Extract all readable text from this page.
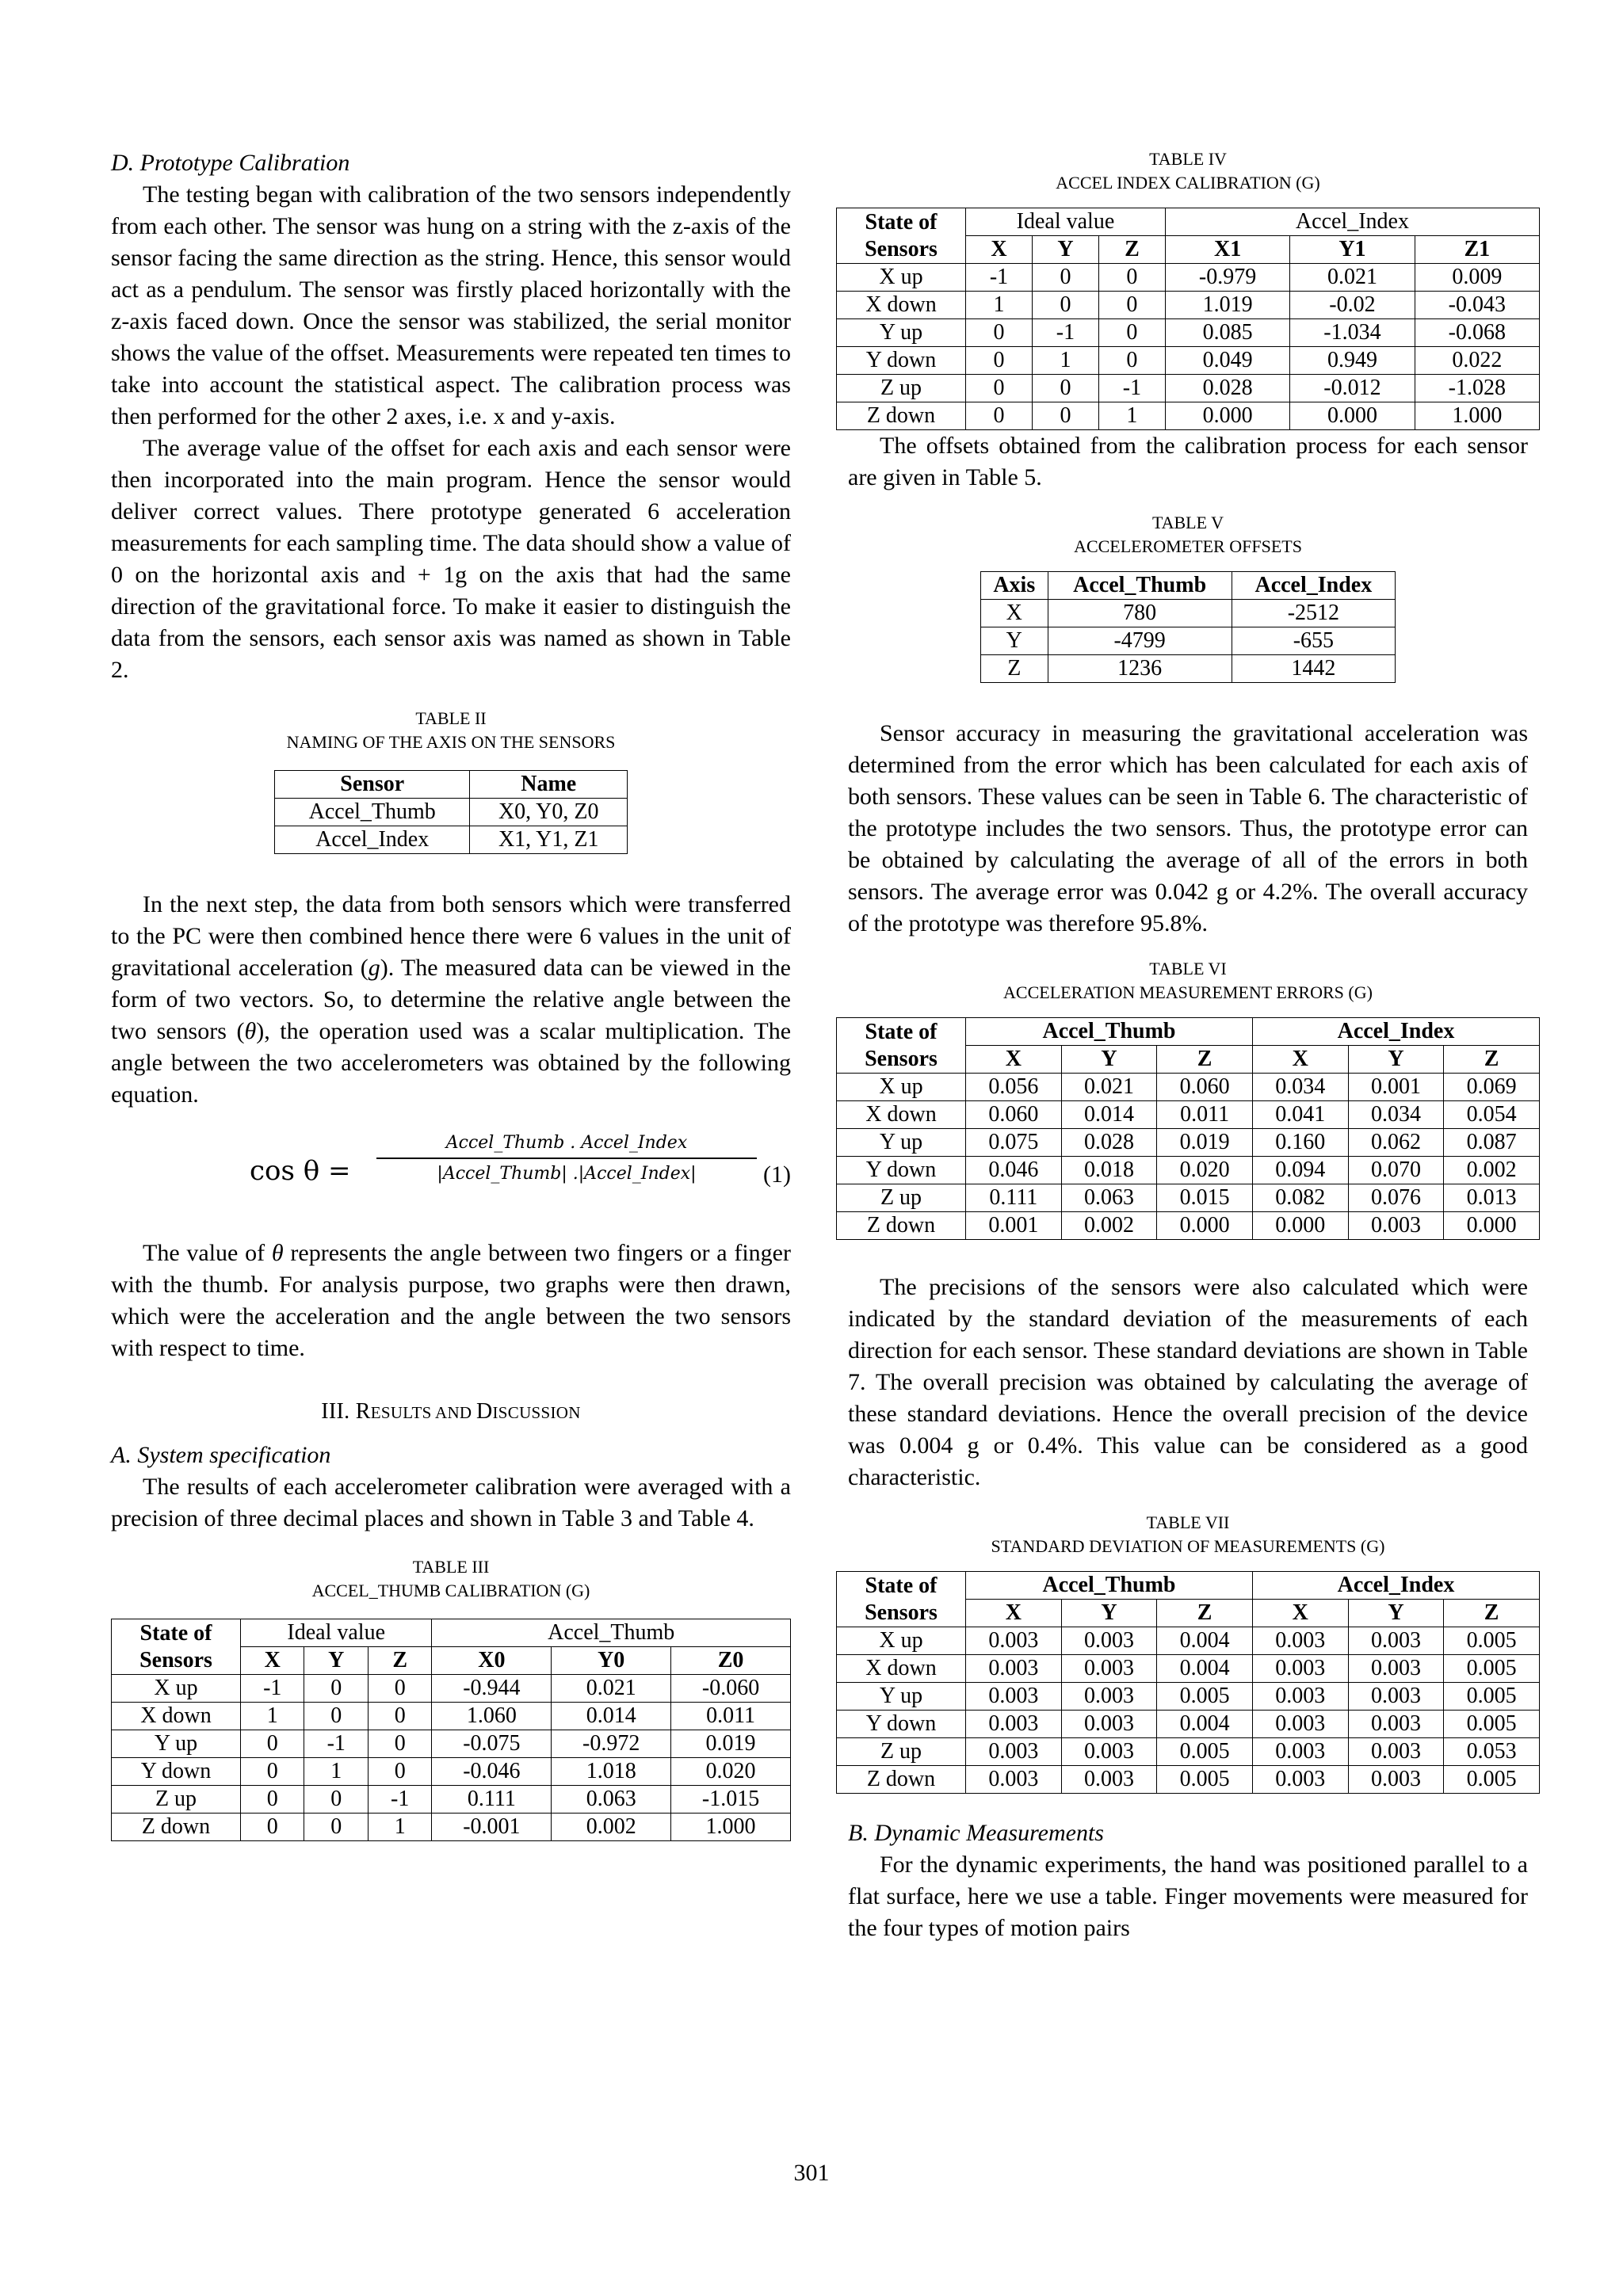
D. Prototype Calibration

The testing began with calibration of the two sensors independently from each other. The sensor was hung on a string with the z-axis of the sensor facing the same direction as the string. Hence, this sensor would act as a pendulum. The sensor was firstly placed horizontally with the z-axis faced down. Once the sensor was stabilized, the serial monitor shows the value of the offset. Measurements were repeated ten times to take into account the statistical aspect. The calibration process was then performed for the other 2 axes, i.e. x and y-axis.

The average value of the offset for each axis and each sensor were then incorporated into the main program. Hence the sensor would deliver correct values. There prototype generated 6 acceleration measurements for each sampling time. The data should show a value of 0 on the horizontal axis and + 1g on the axis that had the same direction of the gravitational force. To make it easier to distinguish the data from the sensors, each sensor axis was named as shown in Table 2.

TABLE II

NAMING OF THE AXIS ON THE SENSORS

Sensor	Name
Accel_Thumb	X0, Y0, Z0
Accel_Index	X1, Y1, Z1

In the next step, the data from both sensors which were transferred to the PC were then combined hence there were 6 values in the unit of gravitational acceleration (g). The measured data can be viewed in the form of two vectors. So, to determine the relative angle between the two sensors (θ), the operation used was a scalar multiplication. The angle between the two accelerometers was obtained by the following equation.

cos θ =
Accel_Thumb . Accel_Index
|Accel_Thumb| .|Accel_Index|	(1)

The value of θ represents the angle between two fingers or a finger with the thumb. For analysis purpose, two graphs were then drawn, which were the acceleration and the angle between the two sensors with respect to time.

III. RESULTS AND DISCUSSION

A. System specification

The results of each accelerometer calibration were averaged with a precision of three decimal places and shown in Table 3 and Table 4.

TABLE III

ACCEL_THUMB CALIBRATION (G)

State of Sensors	Ideal value			Accel_Thumb		
	X	Y	Z	X0	Y0	Z0
X up	-1	0	0	-0.944	0.021	-0.060
X down	1	0	0	1.060	0.014	0.011
Y up	0	-1	0	-0.075	-0.972	0.019
Y down	0	1	0	-0.046	1.018	0.020
Z up	0	0	-1	0.111	0.063	-1.015
Z down	0	0	1	-0.001	0.002	1.000

TABLE IV

ACCEL INDEX CALIBRATION (G)

State of Sensors	Ideal value			Accel_Index		
	X	Y	Z	X1	Y1	Z1
X up	-1	0	0	-0.979	0.021	0.009
X down	1	0	0	1.019	-0.02	-0.043
Y up	0	-1	0	0.085	-1.034	-0.068
Y down	0	1	0	0.049	0.949	0.022
Z up	0	0	-1	0.028	-0.012	-1.028
Z down	0	0	1	0.000	0.000	1.000

The offsets obtained from the calibration process for each sensor are given in Table 5.

TABLE V

ACCELEROMETER OFFSETS

Axis	Accel_Thumb	Accel_Index
X	780	-2512
Y	-4799	-655
Z	1236	1442

Sensor accuracy in measuring the gravitational acceleration was determined from the error which has been calculated for each axis of both sensors. These values can be seen in Table 6. The characteristic of the prototype includes the two sensors. Thus, the prototype error can be obtained by calculating the average of all of the errors in both sensors. The average error was 0.042 g or 4.2%. The overall accuracy of the prototype was therefore 95.8%.

TABLE VI

ACCELERATION MEASUREMENT ERRORS (G)

State of Sensors	Accel_Thumb			Accel_Index		
	X	Y	Z	X	Y	Z
X up	0.056	0.021	0.060	0.034	0.001	0.069
X down	0.060	0.014	0.011	0.041	0.034	0.054
Y up	0.075	0.028	0.019	0.160	0.062	0.087
Y down	0.046	0.018	0.020	0.094	0.070	0.002
Z up	0.111	0.063	0.015	0.082	0.076	0.013
Z down	0.001	0.002	0.000	0.000	0.003	0.000

The precisions of the sensors were also calculated which were indicated by the standard deviation of the measurements of each direction for each sensor. These standard deviations are shown in Table 7. The overall precision was obtained by calculating the average of these standard deviations. Hence the overall precision of the device was 0.004 g or 0.4%. This value can be considered as a good characteristic.

TABLE VII

STANDARD DEVIATION OF MEASUREMENTS (G)

State of Sensors	Accel_Thumb			Accel_Index		
	X	Y	Z	X	Y	Z
X up	0.003	0.003	0.004	0.003	0.003	0.005
X down	0.003	0.003	0.004	0.003	0.003	0.005
Y up	0.003	0.003	0.005	0.003	0.003	0.005
Y down	0.003	0.003	0.004	0.003	0.003	0.005
Z up	0.003	0.003	0.005	0.003	0.003	0.053
Z down	0.003	0.003	0.005	0.003	0.003	0.005

B. Dynamic Measurements

For the dynamic experiments, the hand was positioned parallel to a flat surface, here we use a table. Finger movements were measured for the four types of motion pairs

301
